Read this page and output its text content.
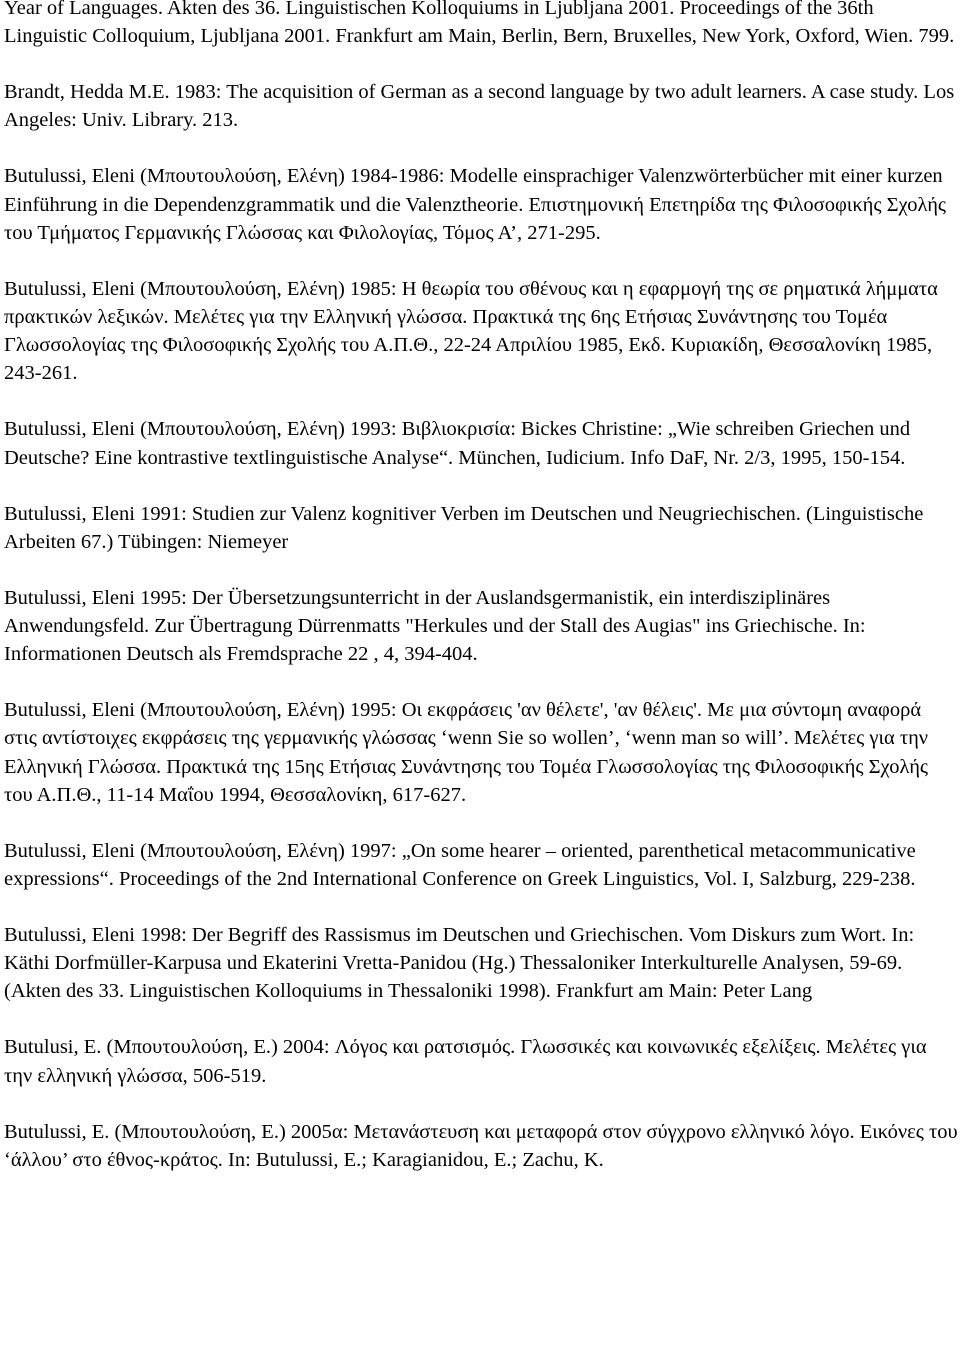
Year of Languages. Akten des 36. Linguistischen Kolloquiums in Ljubljana 2001. Proceedings of the 36th Linguistic Colloquium, Ljubljana 2001. Frankfurt am Main, Berlin, Bern, Bruxelles, New York, Oxford, Wien. 799.

Brandt, Hedda M.E. 1983: The acquisition of German as a second language by two adult learners. A case study. Los Angeles: Univ. Library. 213.

Butulussi, Eleni (Μπουτουλούση, Ελένη) 1984-1986: Modelle einsprachiger Valenzwörterbücher mit einer kurzen Einführung in die Dependenzgrammatik und die Valenztheorie. Επιστημονική Επετηρίδα της Φιλοσοφικής Σχολής του Τμήματος Γερμανικής Γλώσσας και Φιλολογίας, Τόμος Α’, 271-295.

Butulussi, Eleni (Μπουτουλούση, Ελένη) 1985: Η θεωρία του σθένους και η εφαρμογή της σε ρηματικά λήμματα πρακτικών λεξικών. Μελέτες για την Ελληνική γλώσσα. Πρακτικά της 6ης Ετήσιας Συνάντησης του Τομέα Γλωσσολογίας της Φιλοσοφικής Σχολής του Α.Π.Θ., 22-24 Απριλίου 1985, Εκδ. Κυριακίδη, Θεσσαλονίκη 1985, 243-261.

Butulussi, Eleni (Μπουτουλούση, Ελένη) 1993: Βιβλιοκρισία: Bickes Christine: „Wie schreiben Griechen und Deutsche? Eine kontrastive textlinguistische Analyse“. München, Iudicium. Info DaF, Nr. 2/3, 1995, 150-154.

Butulussi, Eleni 1991: Studien zur Valenz kognitiver Verben im Deutschen und Neugriechischen. (Linguistische Arbeiten 67.) Tübingen: Niemeyer

Butulussi, Eleni 1995: Der Übersetzungsunterricht in der Auslandsgermanistik, ein interdisziplinäres Anwendungsfeld. Zur Übertragung Dürrenmatts "Herkules und der Stall des Augias" ins Griechische. In: Informationen Deutsch als Fremdsprache 22 , 4, 394-404.

Butulussi, Eleni (Μπουτουλούση, Ελένη) 1995: Οι εκφράσεις 'αν θέλετε', 'αν θέλεις'. Με μια σύντομη αναφορά στις αντίστοιχες εκφράσεις της γερμανικής γλώσσας ‘wenn Sie so wollen’, ‘wenn man so will’. Μελέτες για την Ελληνική Γλώσσα. Πρακτικά της 15ης Ετήσιας Συνάντησης του Τομέα Γλωσσολογίας της Φιλοσοφικής Σχολής του Α.Π.Θ., 11-14 Μαΐου 1994, Θεσσαλονίκη, 617-627.

Butulussi, Eleni (Μπουτουλούση, Ελένη) 1997: „On some hearer – oriented, parenthetical metacommunicative expressions“. Proceedings of the 2nd International Conference on Greek Linguistics, Vol. I, Salzburg, 229-238.

Butulussi, Eleni 1998: Der Begriff des Rassismus im Deutschen und Griechischen. Vom Diskurs zum Wort. In: Käthi Dorfmüller-Karpusa und Ekaterini Vretta-Panidou (Hg.) Thessaloniker Interkulturelle Analysen, 59-69. (Akten des 33. Linguistischen Kolloquiums in Thessaloniki 1998). Frankfurt am Main: Peter Lang

Butulusi, E. (Μπουτουλούση, Ε.) 2004: Λόγος και ρατσισμός. Γλωσσικές και κοινωνικές εξελίξεις. Μελέτες για την ελληνική γλώσσα, 506-519.

Butulussi, E. (Μπουτουλούση, Ε.) 2005α: Μετανάστευση και μεταφορά στον σύγχρονο ελληνικό λόγο. Εικόνες του ‘άλλου’ στο έθνος-κράτος. In: Butulussi, E.; Karagianidou, E.; Zachu, K.
